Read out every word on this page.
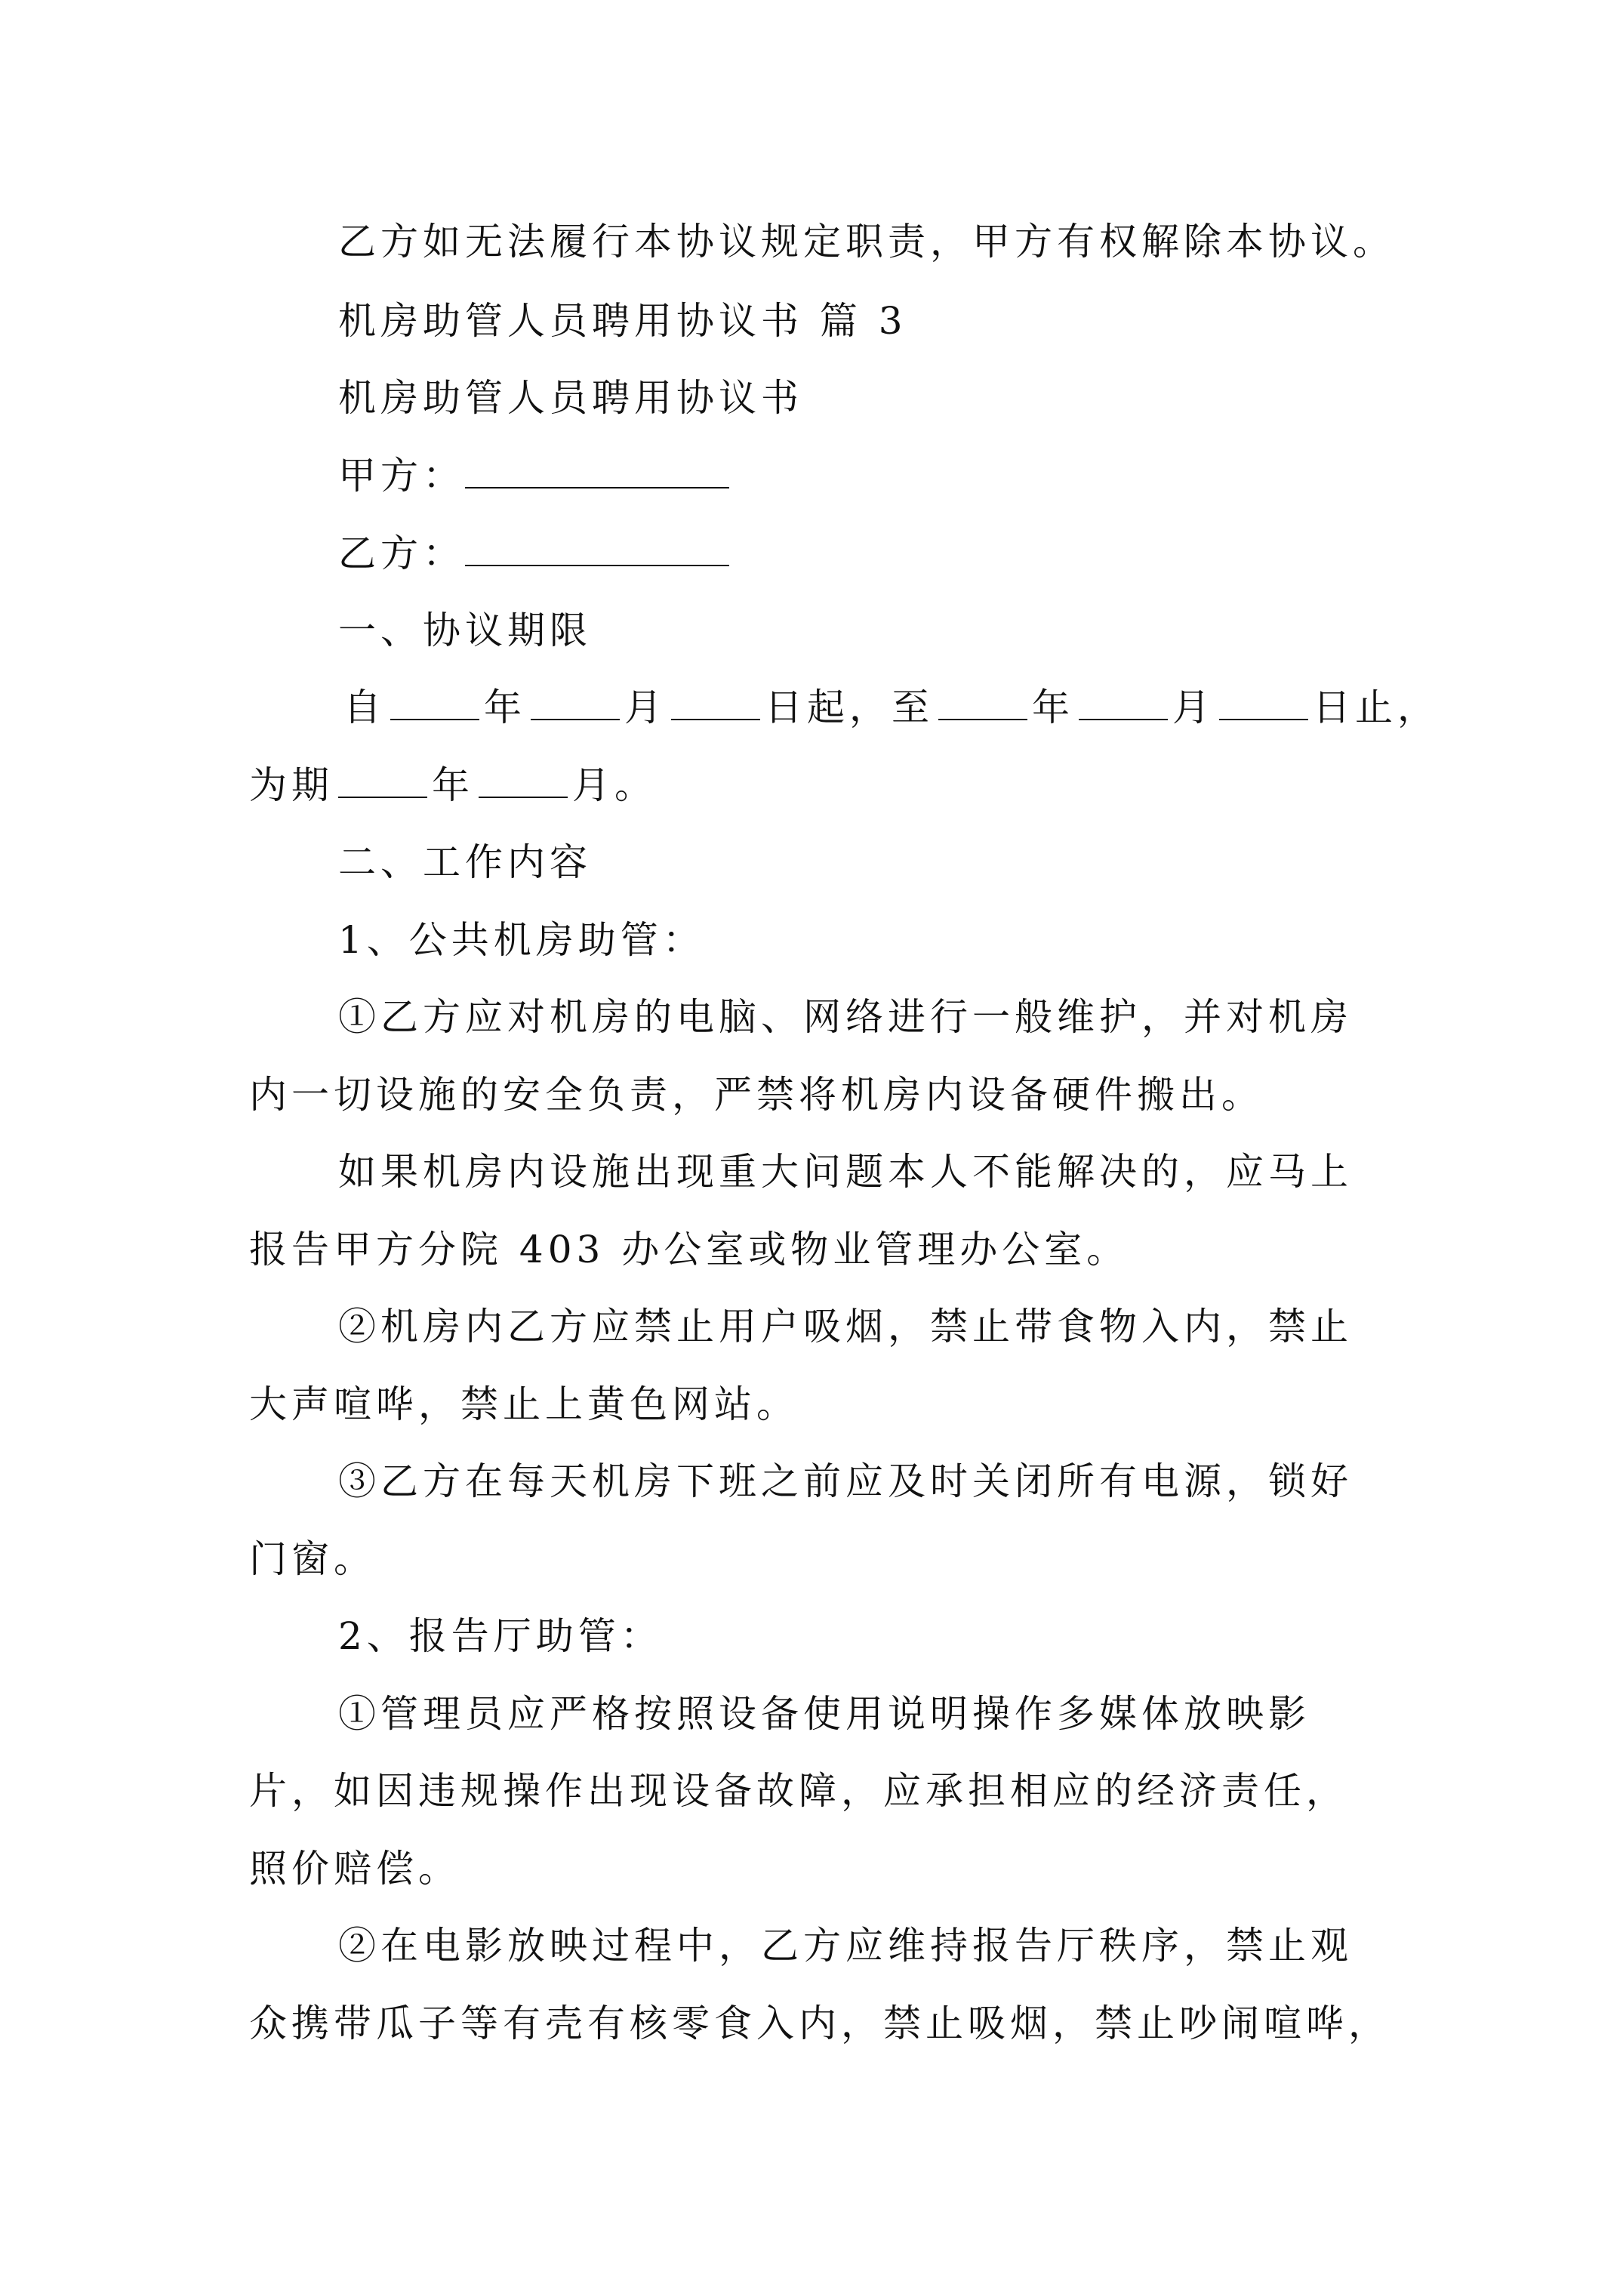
乙方如无法履行本协议规定职责，甲方有权解除本协议。
机房助管人员聘用协议书 篇 3
机房助管人员聘用协议书
甲方：
乙方：
一、协议期限
自	年	月	日起，至	年	月	日止，
为期	年	月。
二、工作内容
1、公共机房助管：
①乙方应对机房的电脑、网络进行一般维护，并对机房
内一切设施的安全负责，严禁将机房内设备硬件搬出。
如果机房内设施出现重大问题本人不能解决的，应马上
报告甲方分院 403 办公室或物业管理办公室。
②机房内乙方应禁止用户吸烟，禁止带食物入内，禁止
大声喧哗，禁止上黄色网站。
③乙方在每天机房下班之前应及时关闭所有电源，锁好
门窗。
2、报告厅助管：
①管理员应严格按照设备使用说明操作多媒体放映影
片，如因违规操作出现设备故障，应承担相应的经济责任，
照价赔偿。
②在电影放映过程中，乙方应维持报告厅秩序，禁止观
众携带瓜子等有壳有核零食入内，禁止吸烟，禁止吵闹喧哗，
